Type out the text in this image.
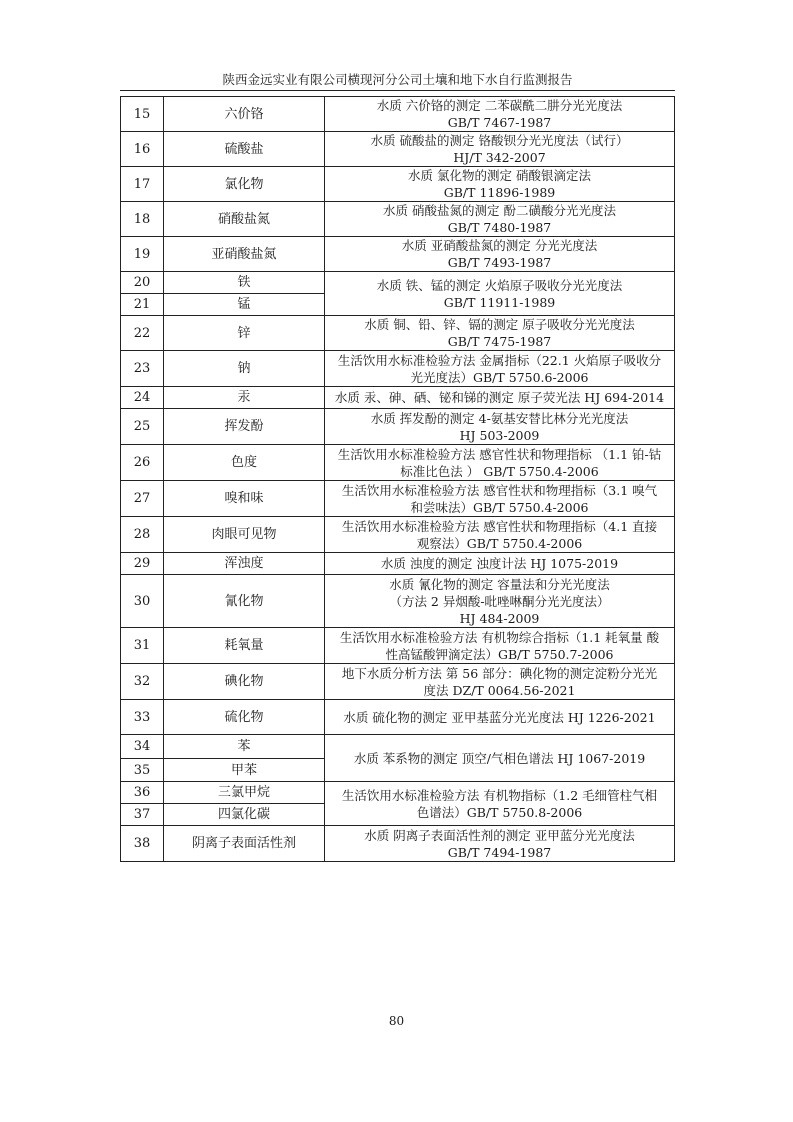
陕西金远实业有限公司横现河分公司土壤和地下水自行监测报告
15	六价铬	水质 六价铬的测定 二苯碳酰二肼分光光度法
GB/T 7467-1987

16	硫酸盐	水质 硫酸盐的测定 铬酸钡分光光度法（试行）
HJ/T 342-2007

17	氯化物	水质 氯化物的测定 硝酸银滴定法
GB/T 11896-1989

18	硝酸盐氮	水质 硝酸盐氮的测定 酚二磺酸分光光度法
GB/T 7480-1987

19	亚硝酸盐氮	水质 亚硝酸盐氮的测定 分光光度法
GB/T 7493-1987

20	铁	水质 铁、锰的测定 火焰原子吸收分光光度法
GB/T 11911-1989

21	锰	
22	锌	水质 铜、铅、锌、镉的测定 原子吸收分光光度法
GB/T 7475-1987

23	钠	生活饮用水标准检验方法 金属指标（22.1 火焰原子吸收分
光光度法）GB/T 5750.6-2006

24	汞	水质 汞、砷、硒、铋和锑的测定 原子荧光法 HJ 694-2014

25	挥发酚	水质 挥发酚的测定 4-氨基安替比林分光光度法
HJ 503-2009

26	色度	生活饮用水标准检验方法 感官性状和物理指标 （1.1 铂-钴
标准比色法 ） GB/T 5750.4-2006

27	嗅和味	生活饮用水标准检验方法 感官性状和物理指标（3.1 嗅气
和尝味法）GB/T 5750.4-2006

28	肉眼可见物	生活饮用水标准检验方法 感官性状和物理指标（4.1 直接
观察法）GB/T 5750.4-2006

29	浑浊度	水质 浊度的测定 浊度计法 HJ 1075-2019

30	氰化物	水质 氰化物的测定 容量法和分光光度法
（方法 2 异烟酸-吡唑啉酮分光光度法）
HJ 484-2009

31	耗氧量	生活饮用水标准检验方法 有机物综合指标（1.1 耗氧量 酸
性高锰酸钾滴定法）GB/T 5750.7-2006

32	碘化物	地下水质分析方法 第 56 部分：碘化物的测定淀粉分光光
度法 DZ/T 0064.56-2021

33	硫化物	水质 硫化物的测定 亚甲基蓝分光光度法 HJ 1226-2021

34	苯	水质 苯系物的测定 顶空/气相色谱法 HJ 1067-2019

35	甲苯	
36	三氯甲烷	生活饮用水标准检验方法 有机物指标（1.2 毛细管柱气相
色谱法）GB/T 5750.8-2006

37	四氯化碳	
38	阴离子表面活性剂	水质 阴离子表面活性剂的测定 亚甲蓝分光光度法
GB/T 7494-1987
80
